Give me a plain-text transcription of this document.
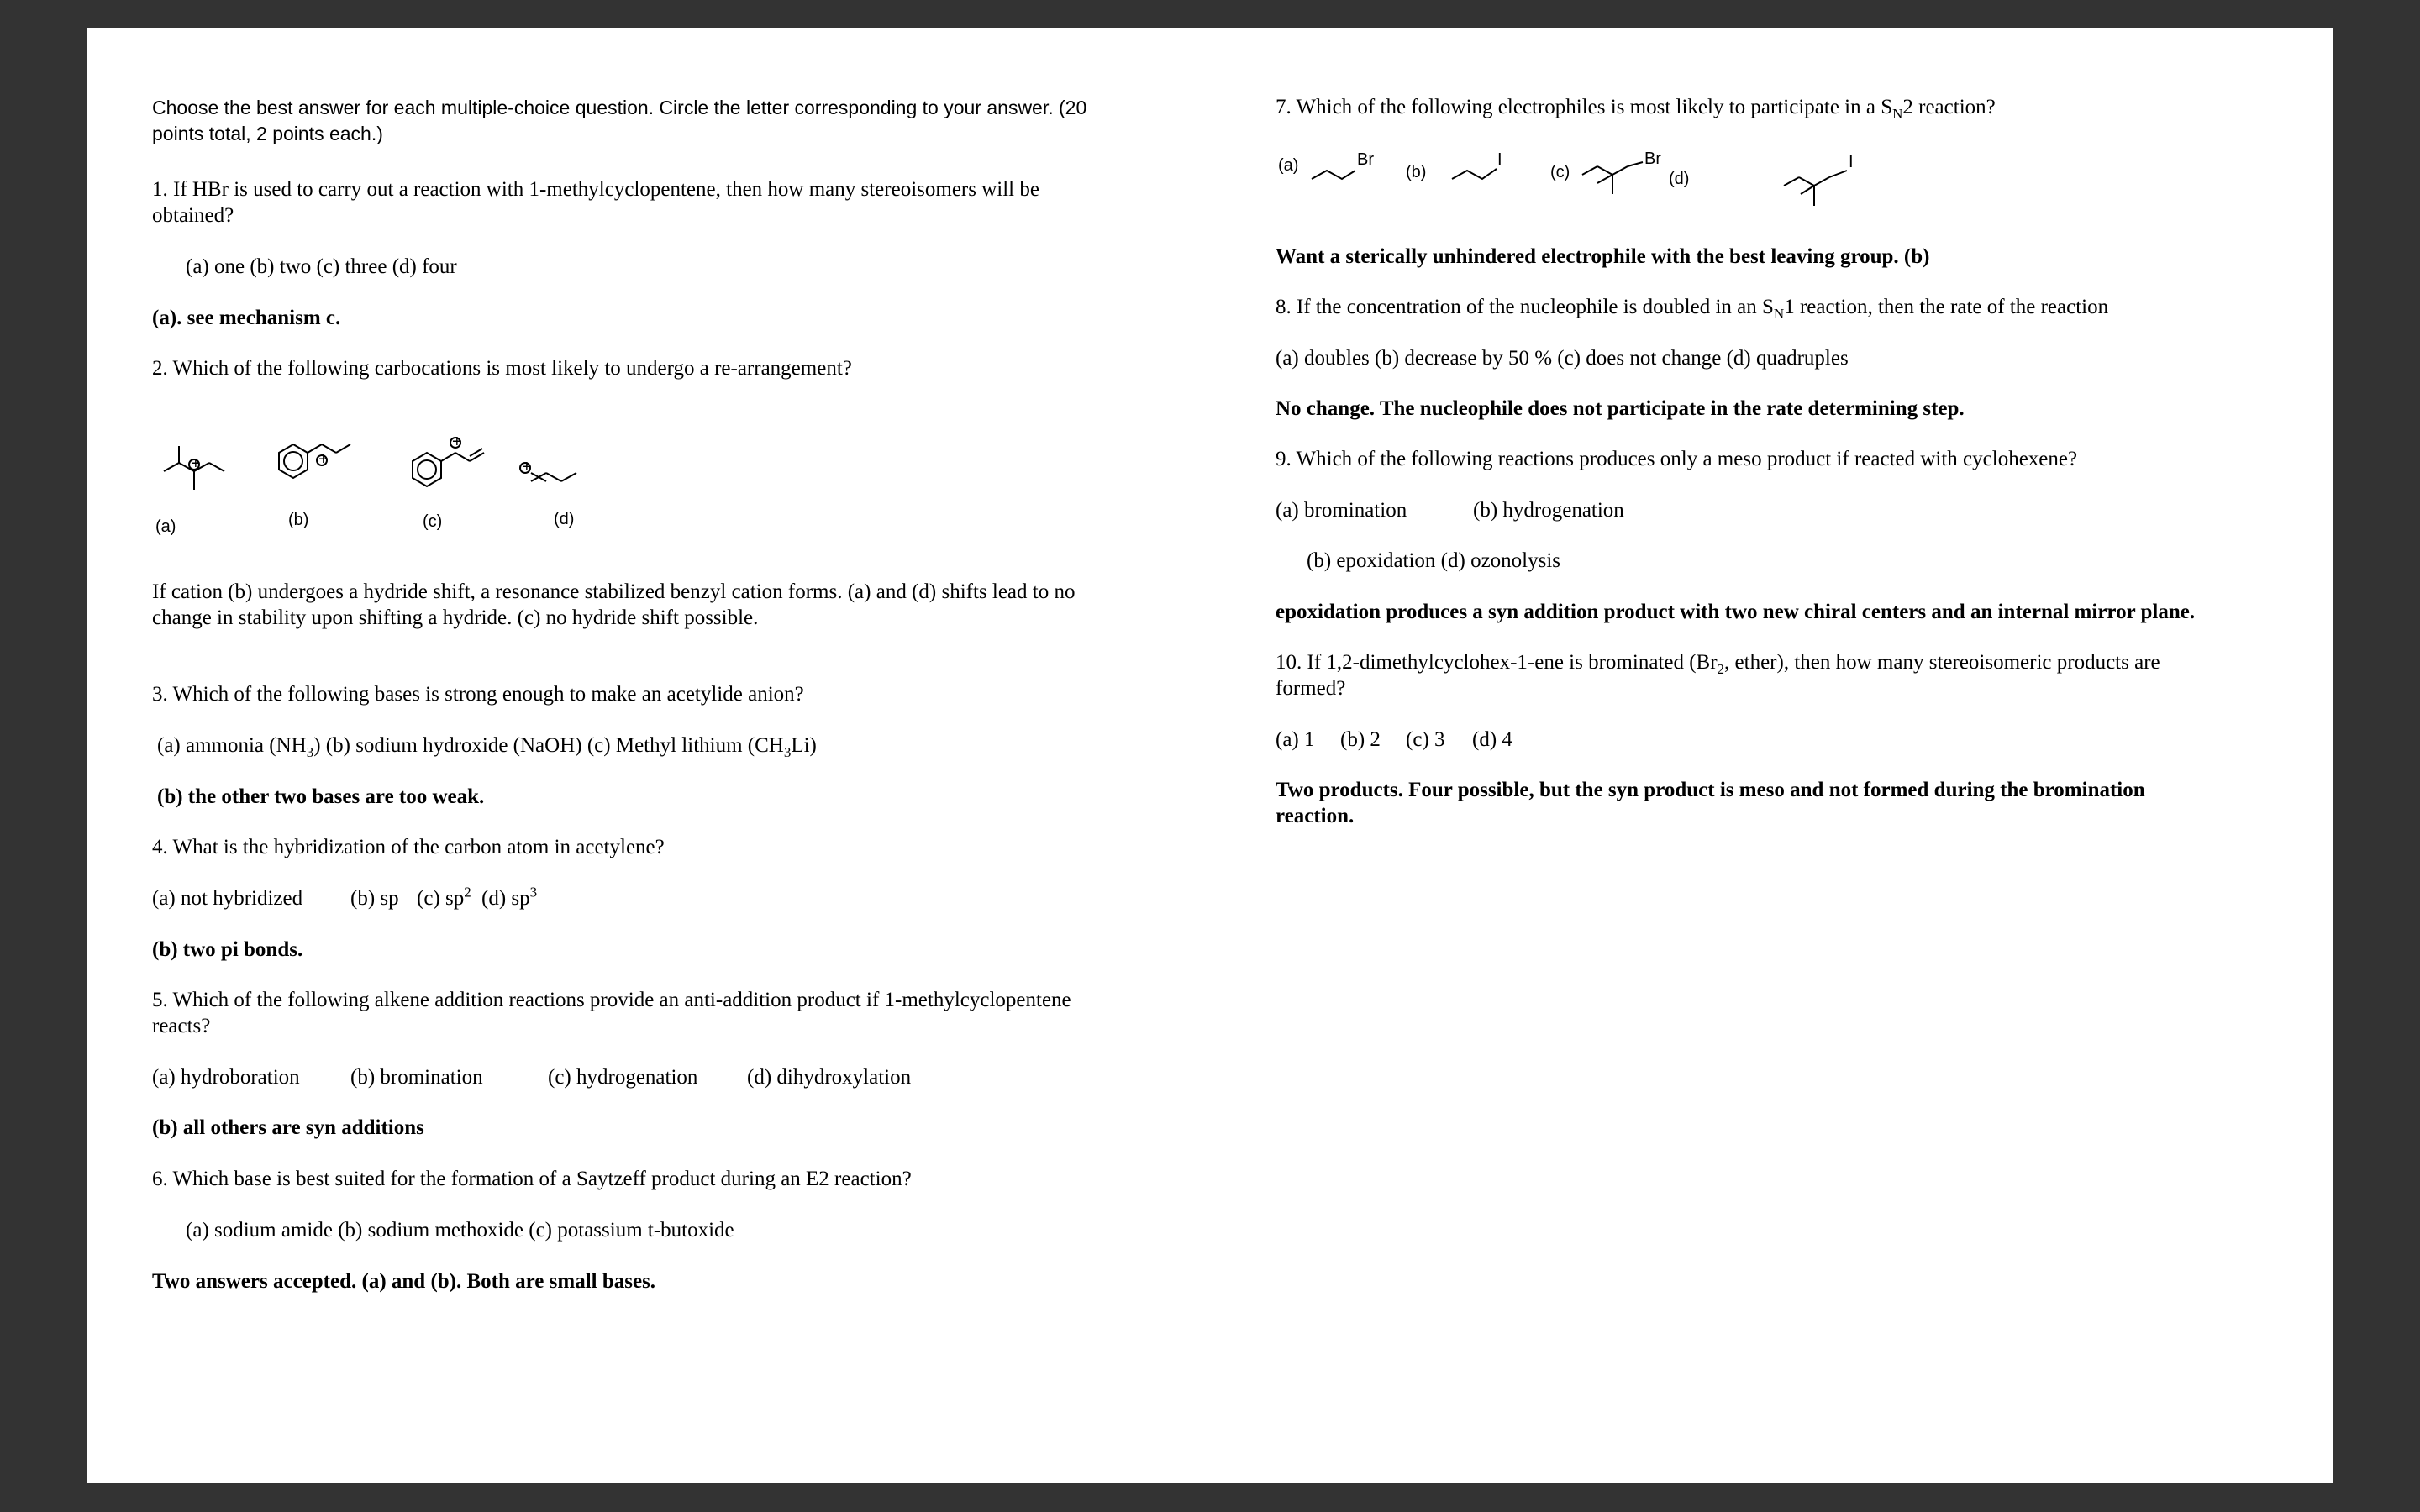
Choose the best answer for each multiple-choice question. Circle the letter corresponding to your answer. (20

points total, 2 points each.)

1. If HBr is used to carry out a reaction with 1-methylcyclopentene, then how many stereoisomers will be

obtained?

(a) one (b) two (c) three (d) four

(a). see mechanism c.

2. Which of the following carbocations is most likely to undergo a re-arrangement?

+	+
+
+
(a)	(b)	(c)	(d)

If cation (b) undergoes a hydride shift, a resonance stabilized benzyl cation forms. (a) and (d) shifts lead to no

change in stability upon shifting a hydride. (c) no hydride shift possible.

3. Which of the following bases is strong enough to make an acetylide anion?

(a) ammonia $(NH_3)$ (b) sodium hydroxide (NaOH) (c) Methyl lithium $(CH_3Li)$

(b) the other two bases are too weak.

4. What is the hybridization of the carbon atom in acetylene?

(a) not hybridized (b) sp (c) $sp^2$ (d) $sp^3$

(b) two pi bonds.

5. Which of the following alkene addition reactions provide an anti-addition product if 1-methylcyclopentene

reacts?

(a) hydroboration (b) bromination	(c) hydrogenation (d) dihydroxylation

(b) all others are syn additions

6. Which base is best suited for the formation of a Saytzeff product during an E2 reaction?

(a) sodium amide (b) sodium methoxide (c) potassium t-butoxide

Two answers accepted. (a) and (b). Both are small bases.

7. Which of the following electrophiles is most likely to participate in a $S_N2$ reaction?

(a)	(b)	(c)	(d)
Br	I	Br	I

Want a sterically unhindered electrophile with the best leaving group. (b)

8. If the concentration of the nucleophile is doubled in an $S_N1$ reaction, then the rate of the reaction

(a) doubles (b) decrease by 50 % (c) does not change (d) quadruples

No change. The nucleophile does not participate in the rate determining step.

9. Which of the following reactions produces only a meso product if reacted with cyclohexene?

(a) bromination	(b) hydrogenation

(b) epoxidation (d) ozonolysis

epoxidation produces a syn addition product with two new chiral centers and an internal mirror plane.

10. If 1,2-dimethylcyclohex-1-ene is brominated ($Br_2$, ether), then how many stereoisomeric products are

formed?

(a) 1 (b) 2 (c) 3 (d) 4

Two products. Four possible, but the syn product is meso and not formed during the bromination

reaction.
